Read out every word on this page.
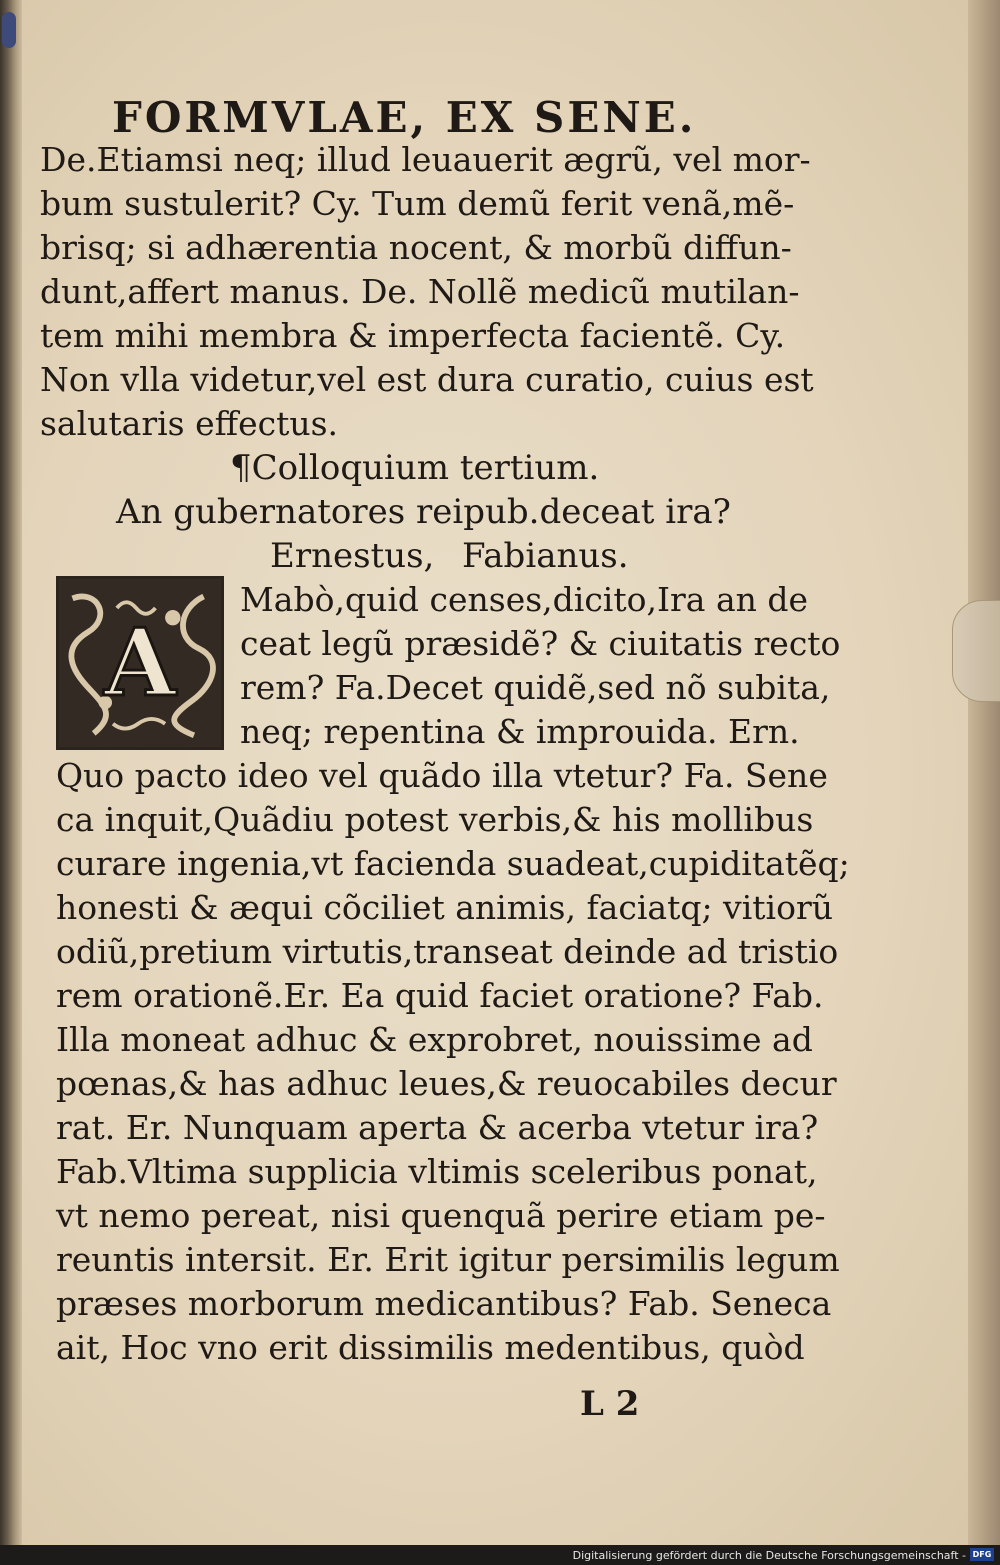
FORMVLAE, EX SENE.
De.Etiamsi neq; illud leuauerit ægrũ, vel mor-
bum sustulerit? Cy. Tum demũ ferit venã,mẽ-
brisq; si adhærentia nocent, & morbũ diffun-
dunt,affert manus. De. Nollẽ medicũ mutilan-
tem mihi membra & imperfecta facientẽ. Cy.
Non vlla videtur,vel est dura curatio, cuius est
salutaris effectus.
¶Colloquium tertium.
An gubernatores reipub.deceat ira?
Ernestus, Fabianus.
A
Mabò,quid censes,dicito,Ira an de
ceat legũ præsidẽ? & ciuitatis recto
rem? Fa.Decet quidẽ,sed nõ subita,
neq; repentina & improuida. Ern.
Quo pacto ideo vel quãdo illa vtetur? Fa. Sene
ca inquit,Quãdiu potest verbis,& his mollibus
curare ingenia,vt facienda suadeat,cupiditatẽq;
honesti & æqui cõciliet animis, faciatq; vitiorũ
odiũ,pretium virtutis,transeat deinde ad tristio
rem orationẽ.Er. Ea quid faciet oratione? Fab.
Illa moneat adhuc & exprobret, nouissime ad
pœnas,& has adhuc leues,& reuocabiles decur
rat. Er. Nunquam aperta & acerba vtetur ira?
Fab.Vltima supplicia vltimis sceleribus ponat,
vt nemo pereat, nisi quenquã perire etiam pe-
reuntis intersit. Er. Erit igitur persimilis legum
præses morborum medicantibus? Fab. Seneca
ait, Hoc vno erit dissimilis medentibus, quòd
L 2
Digitalisierung gefördert durch die Deutsche Forschungsgemeinschaft - DFG
